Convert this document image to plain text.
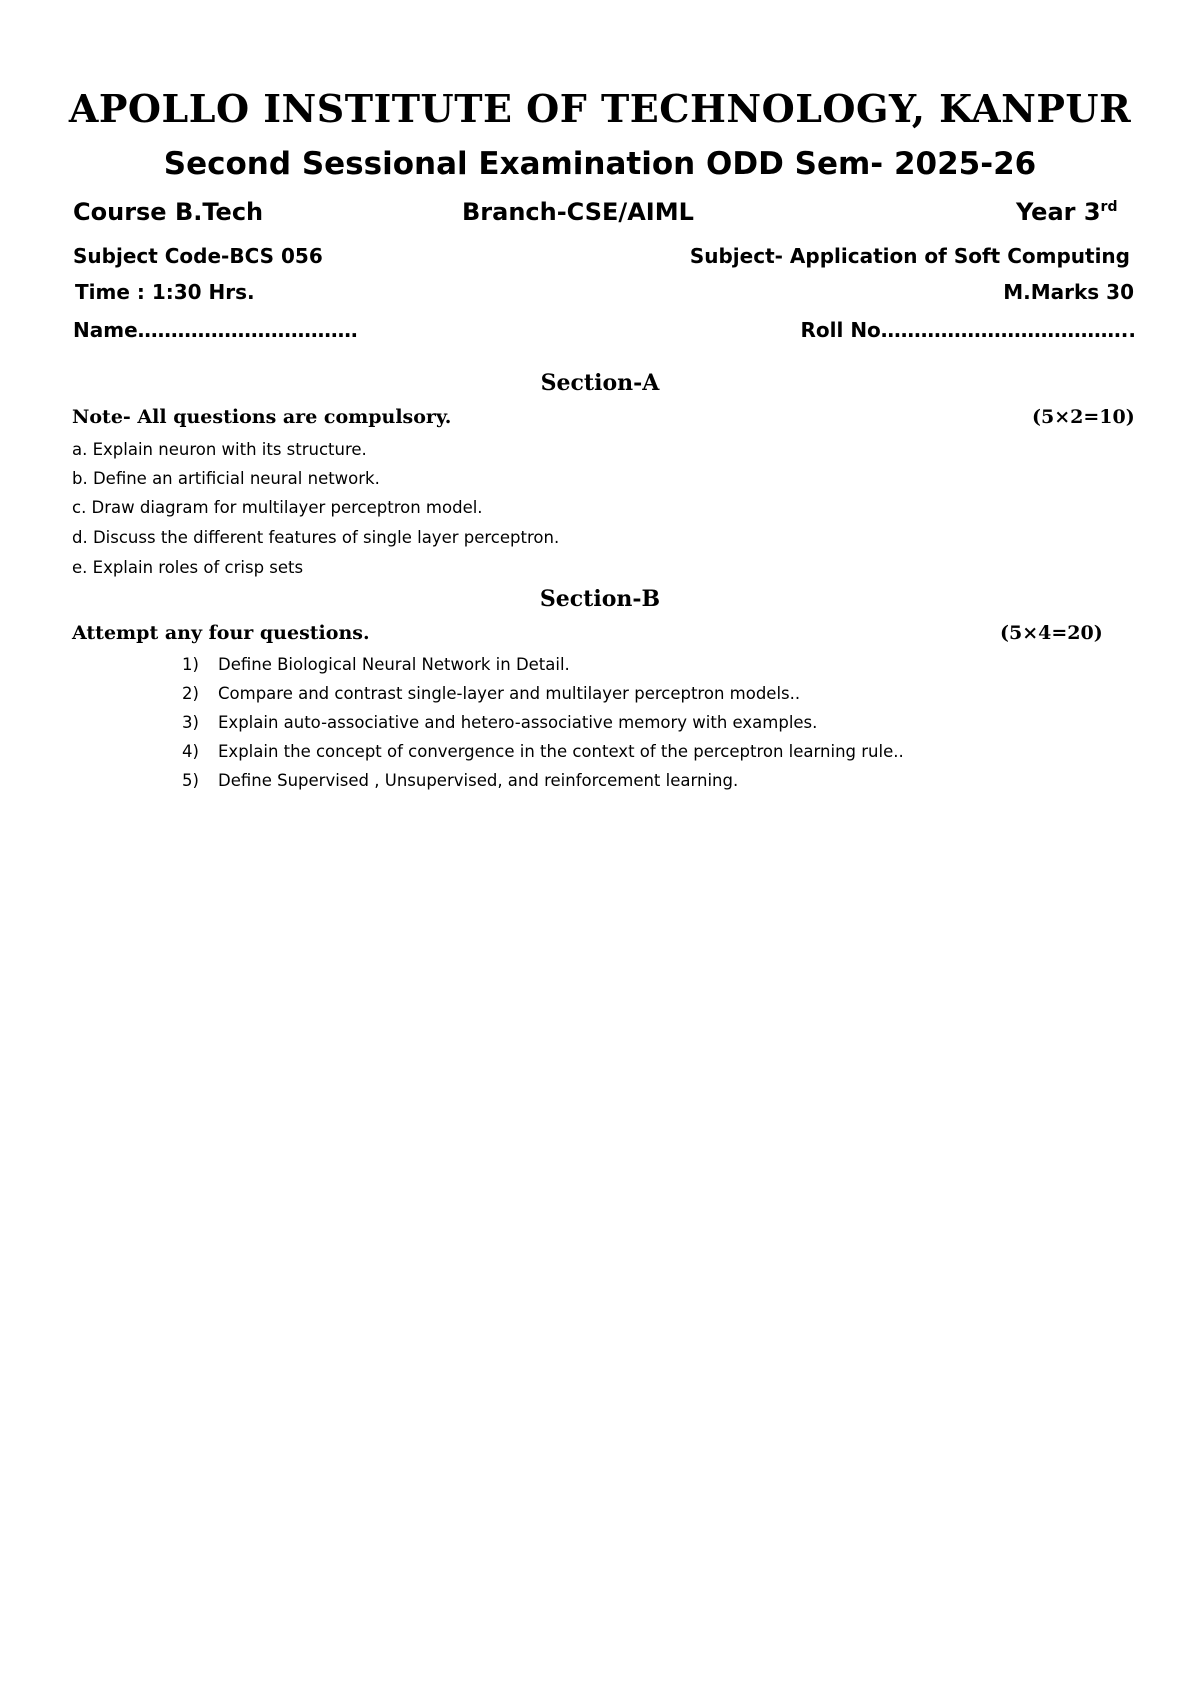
APOLLO INSTITUTE OF TECHNOLOGY, KANPUR
Second Sessional Examination ODD Sem- 2025-26
Course B.Tech	Branch-CSE/AIML	Year 3rd
Subject Code-BCS 056	Subject- Application of Soft Computing
Time : 1:30 Hrs.	M.Marks 30
Name……………………………	Roll No………………………………..
Section-A
Note- All questions are compulsory.	(5×2=10)
a. Explain neuron with its structure.
b. Define an artificial neural network.
c. Draw diagram for multilayer perceptron model.
d. Discuss the different features of single layer perceptron.
e. Explain roles of crisp sets
Section-B
Attempt any four questions.	(5×4=20)
1) Define Biological Neural Network in Detail.
2) Compare and contrast single-layer and multilayer perceptron models..
3) Explain auto-associative and hetero-associative memory with examples.
4) Explain the concept of convergence in the context of the perceptron learning rule..
5) Define Supervised , Unsupervised, and reinforcement learning.
